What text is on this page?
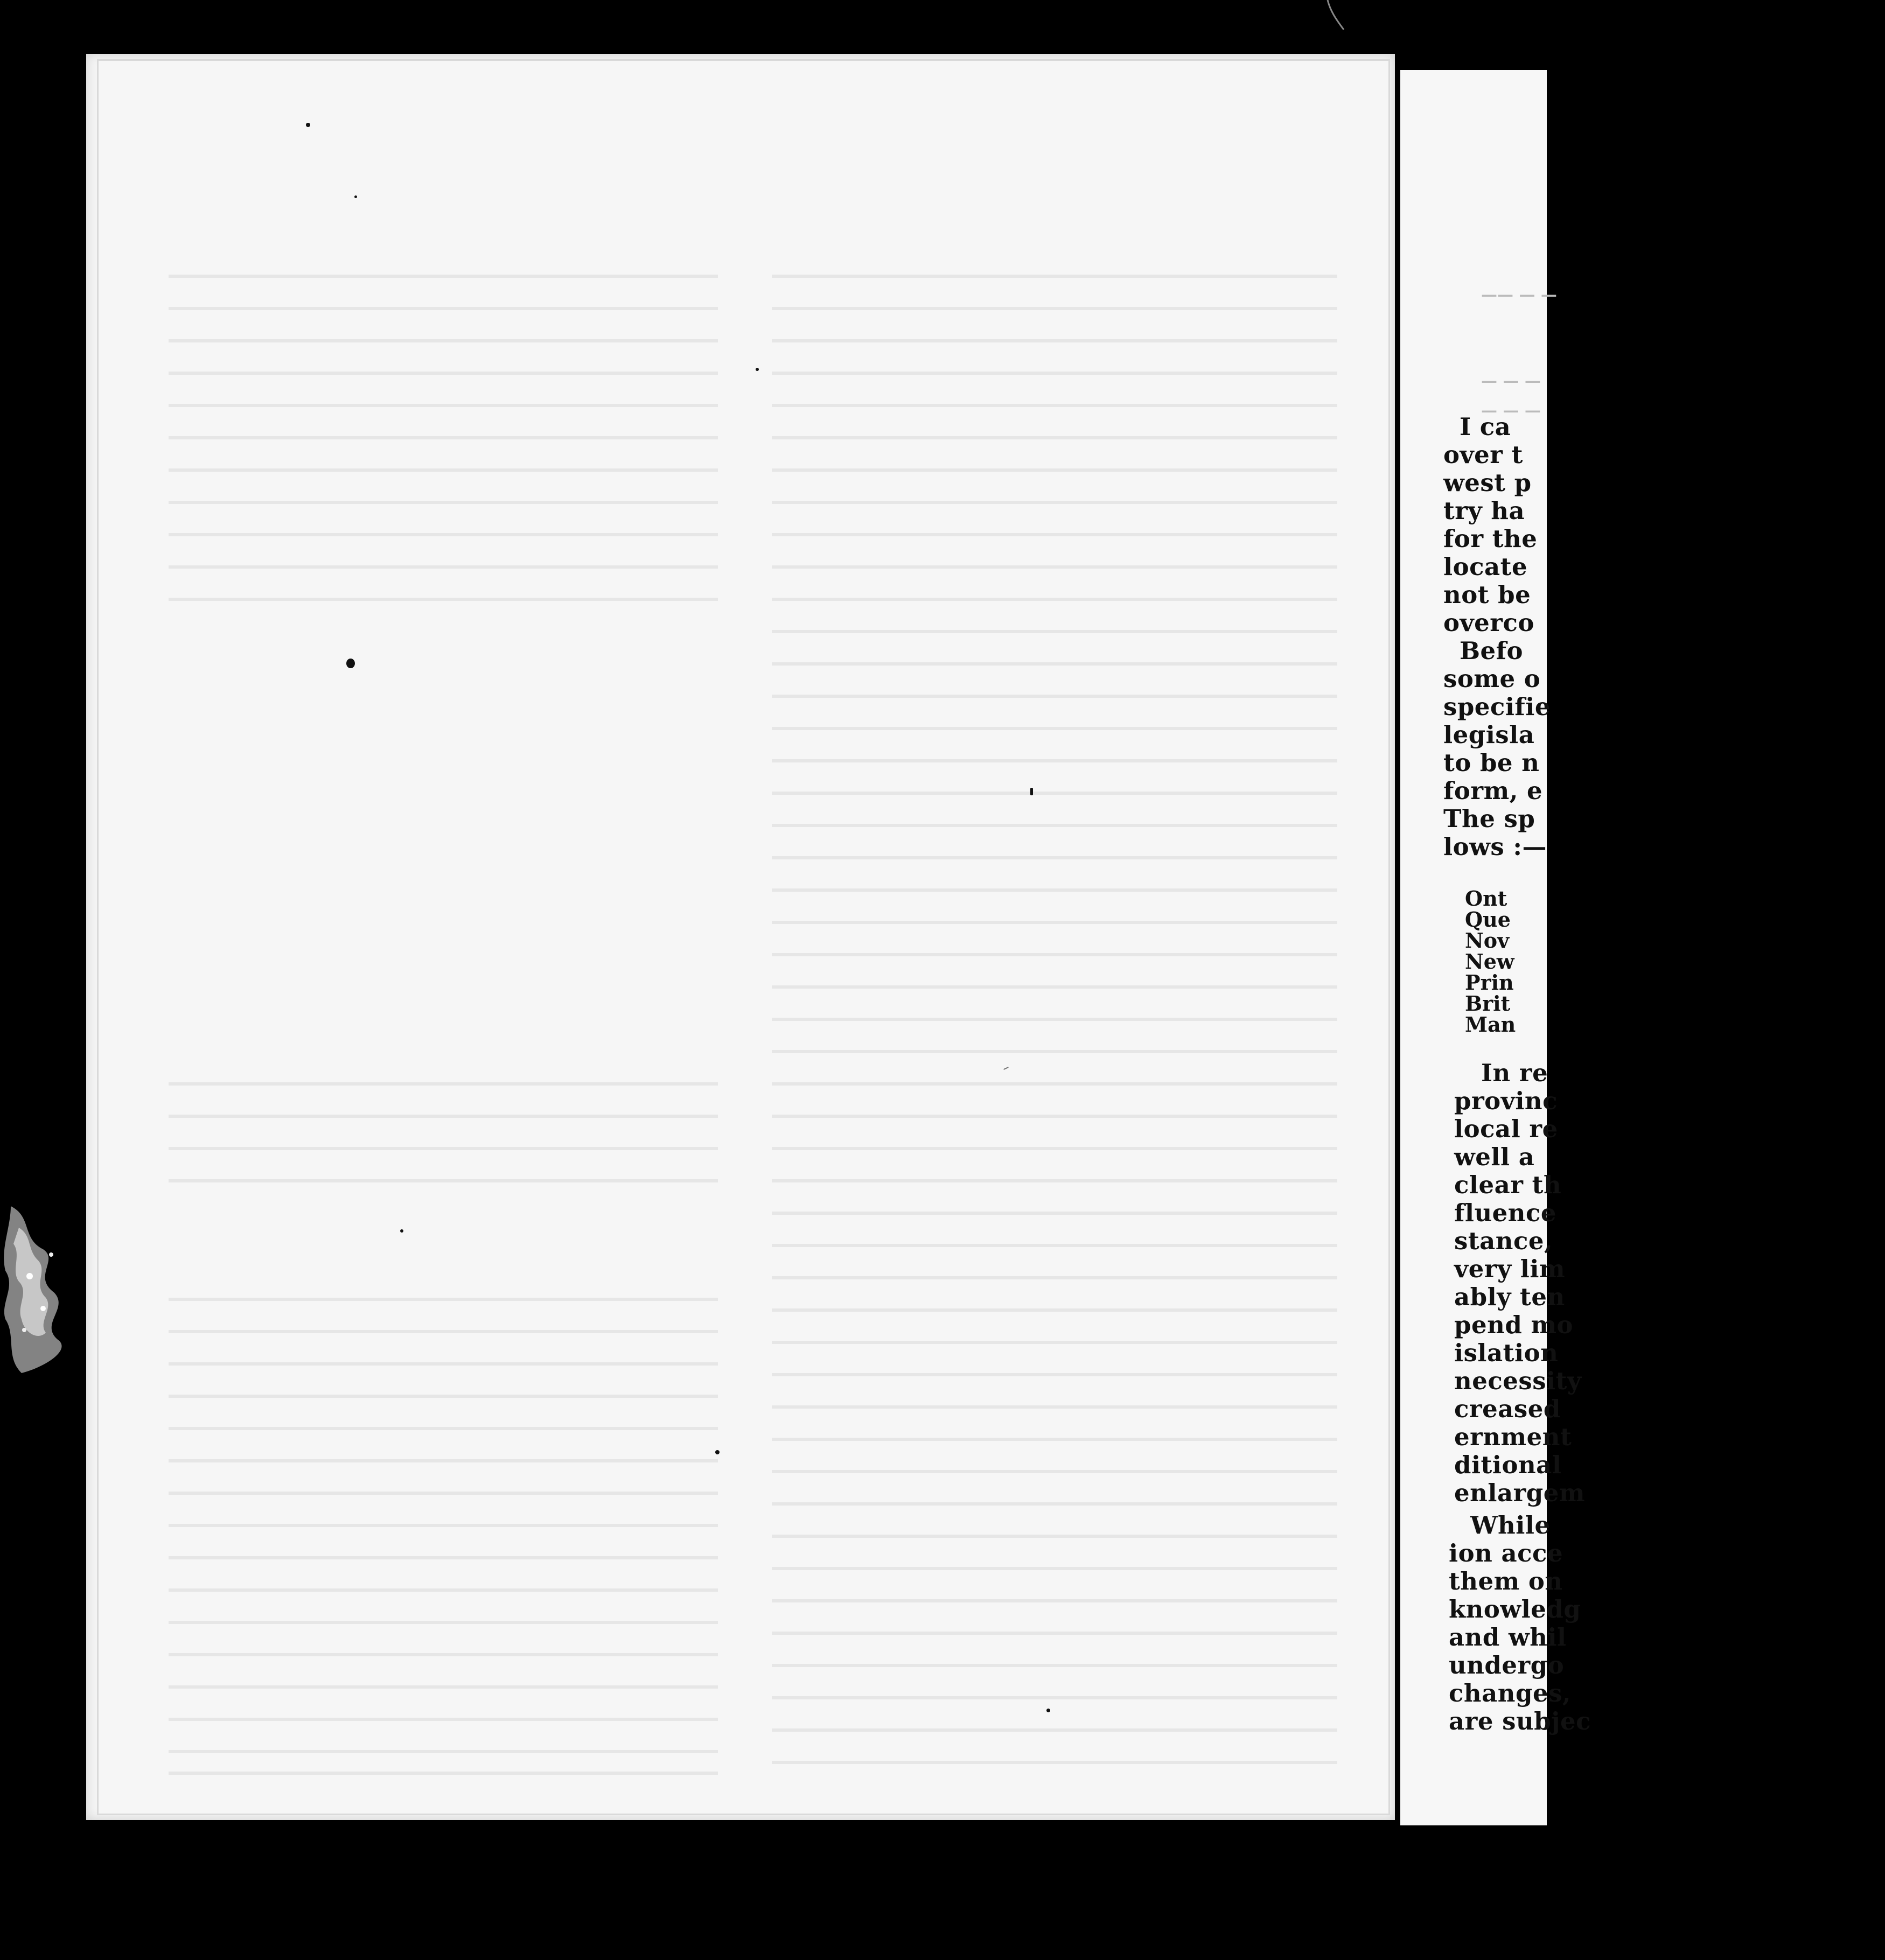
—— — —
— — —
— — —
I ca
over t
west p
try ha
for the
locate
not be
overco
Befo
some o
specifie
legisla
to be n
form, e
The sp
lows :—
Ont
Que
Nov
New
Prin
Brit
Man
In re
provinc
local re
well a
clear th
fluence
stance,
very lim
ably ten
pend mo
islation
necessity
creased
ernment
ditional
enlargem
While
ion acce
them on
knowledg
and whil
undergo
changes,
are subjec
